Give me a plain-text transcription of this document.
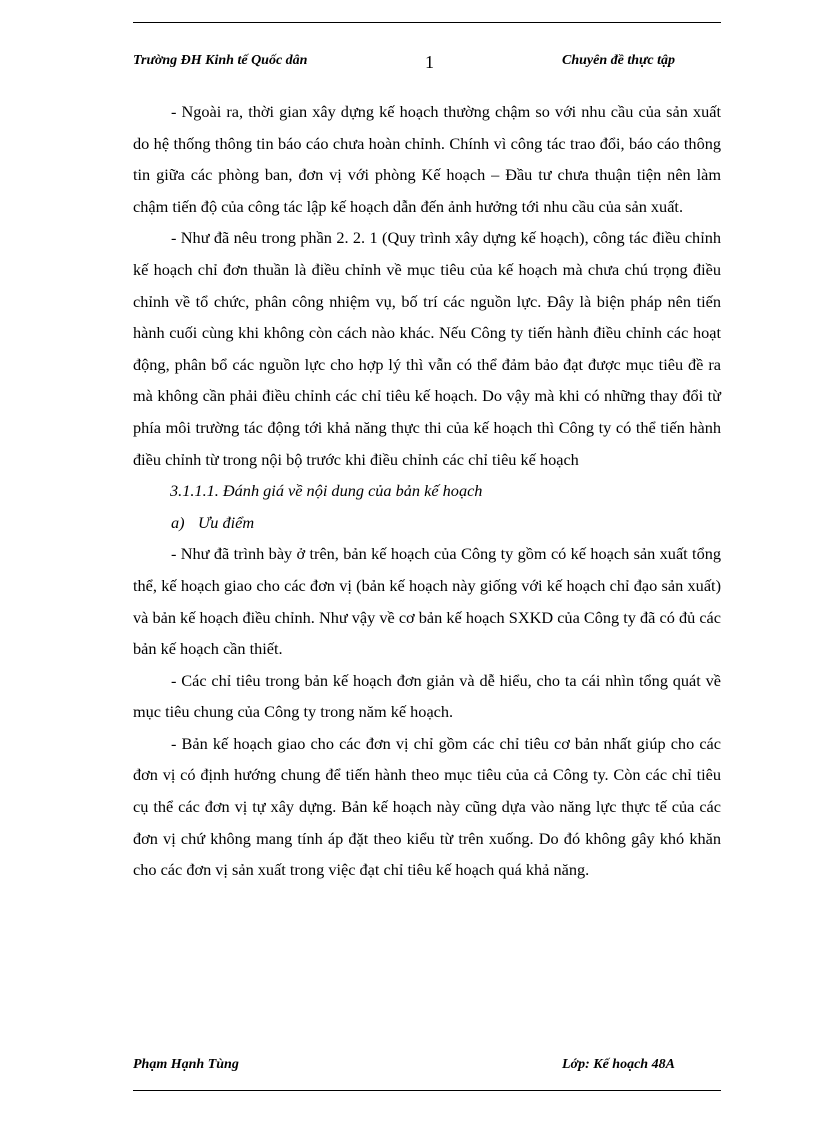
Trường ĐH Kinh tế Quốc dân	1	Chuyên đề thực tập

- Ngoài ra, thời gian xây dựng kế hoạch thường chậm so với nhu cầu của sản xuất do hệ thống thông tin báo cáo chưa hoàn chỉnh. Chính vì công tác trao đổi, báo cáo thông tin giữa các phòng ban, đơn vị với phòng Kế hoạch – Đầu tư chưa thuận tiện nên làm chậm tiến độ của công tác lập kế hoạch dẫn đến ảnh hưởng tới nhu cầu của sản xuất.

- Như đã nêu trong phần 2. 2. 1 (Quy trình xây dựng kế hoạch), công tác điều chỉnh kế hoạch chỉ đơn thuần là điều chỉnh về mục tiêu của kế hoạch mà chưa chú trọng điều chỉnh về tổ chức, phân công nhiệm vụ, bố trí các nguồn lực. Đây là biện pháp nên tiến hành cuối cùng khi không còn cách nào khác. Nếu Công ty tiến hành điều chỉnh các hoạt động, phân bổ các nguồn lực cho hợp lý thì vẫn có thể đảm bảo đạt được mục tiêu đề ra mà không cần phải điều chỉnh các chỉ tiêu kế hoạch. Do vậy mà khi có những thay đổi từ phía môi trường tác động tới khả năng thực thi của kế hoạch thì Công ty có thể tiến hành điều chỉnh từ trong nội bộ trước khi điều chỉnh các chỉ tiêu kế hoạch

3.1.1.1. Đánh giá về nội dung của bản kế hoạch

a) Ưu điểm

- Như đã trình bày ở trên, bản kế hoạch của Công ty gồm có kế hoạch sản xuất tổng thể, kế hoạch giao cho các đơn vị (bản kế hoạch này giống với kế hoạch chỉ đạo sản xuất) và bản kế hoạch điều chỉnh. Như vậy về cơ bản kế hoạch SXKD của Công ty đã có đủ các bản kế hoạch cần thiết.

- Các chỉ tiêu trong bản kế hoạch đơn giản và dễ hiểu, cho ta cái nhìn tổng quát về mục tiêu chung của Công ty trong năm kế hoạch.

- Bản kế hoạch giao cho các đơn vị chỉ gồm các chỉ tiêu cơ bản nhất giúp cho các đơn vị có định hướng chung để tiến hành theo mục tiêu của cả Công ty. Còn các chỉ tiêu cụ thể các đơn vị tự xây dựng. Bản kế hoạch này cũng dựa vào năng lực thực tế của các đơn vị chứ không mang tính áp đặt theo kiểu từ trên xuống. Do đó không gây khó khăn cho các đơn vị sản xuất trong việc đạt chỉ tiêu kế hoạch quá khả năng.

Phạm Hạnh Tùng	Lớp: Kế hoạch 48A
